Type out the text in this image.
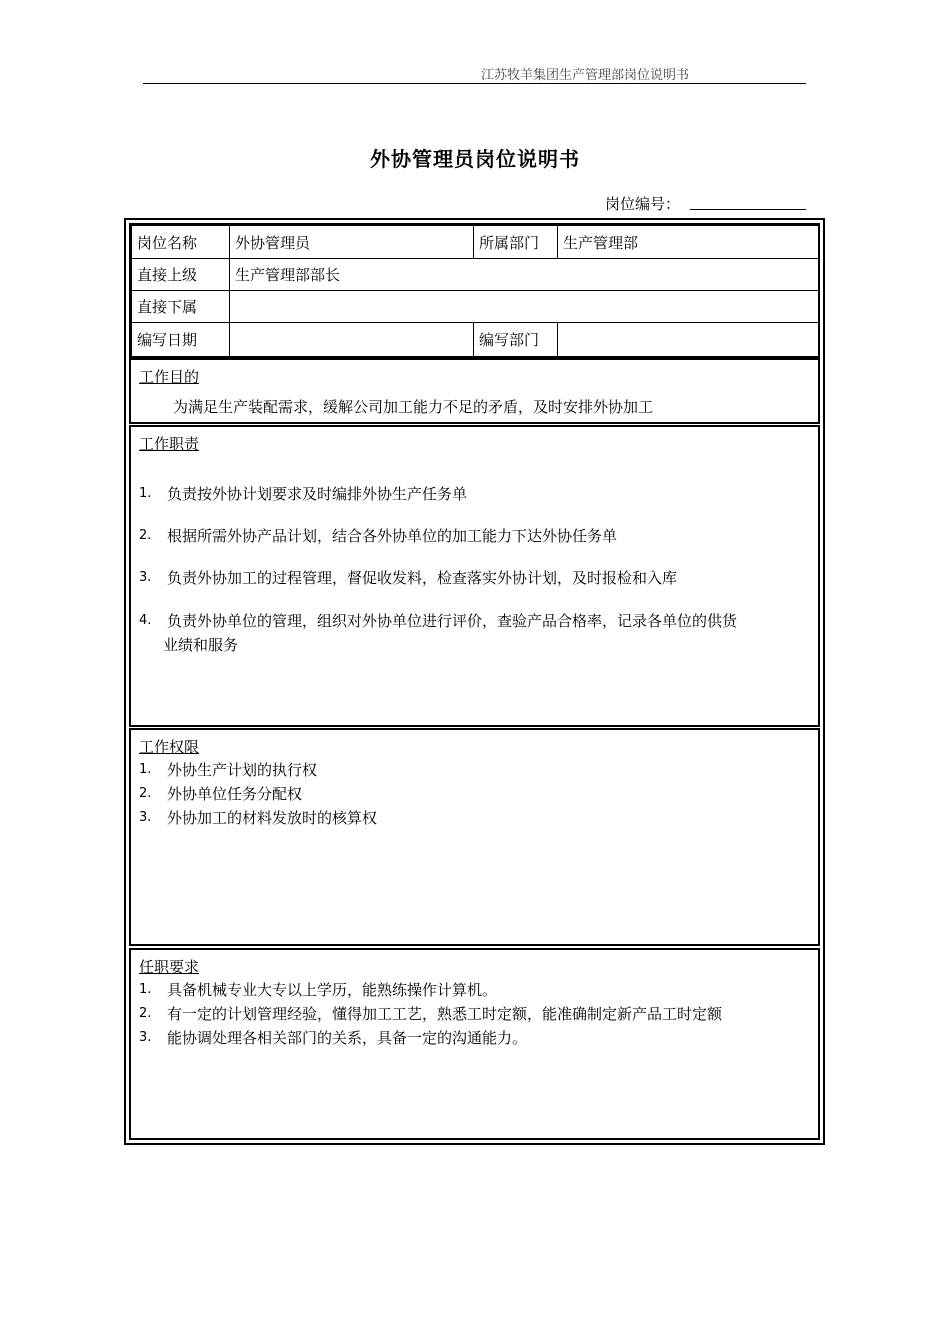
江苏牧羊集团生产管理部岗位说明书
外协管理员岗位说明书
岗位编号：
岗位名称	外协管理员	所属部门	生产管理部
直接上级	生产管理部部长		
直接下属			
编写日期		编写部门	
工作目的
为满足生产装配需求，缓解公司加工能力不足的矛盾，及时安排外协加工
工作职责
1. 负责按外协计划要求及时编排外协生产任务单
2. 根据所需外协产品计划，结合各外协单位的加工能力下达外协任务单
3. 负责外协加工的过程管理，督促收发料，检查落实外协计划，及时报检和入库
4. 负责外协单位的管理，组织对外协单位进行评价，查验产品合格率，记录各单位的供货
业绩和服务
工作权限
1. 外协生产计划的执行权
2. 外协单位任务分配权
3. 外协加工的材料发放时的核算权
任职要求
1. 具备机械专业大专以上学历，能熟练操作计算机。
2. 有一定的计划管理经验，懂得加工工艺，熟悉工时定额，能准确制定新产品工时定额
3. 能协调处理各相关部门的关系，具备一定的沟通能力。
